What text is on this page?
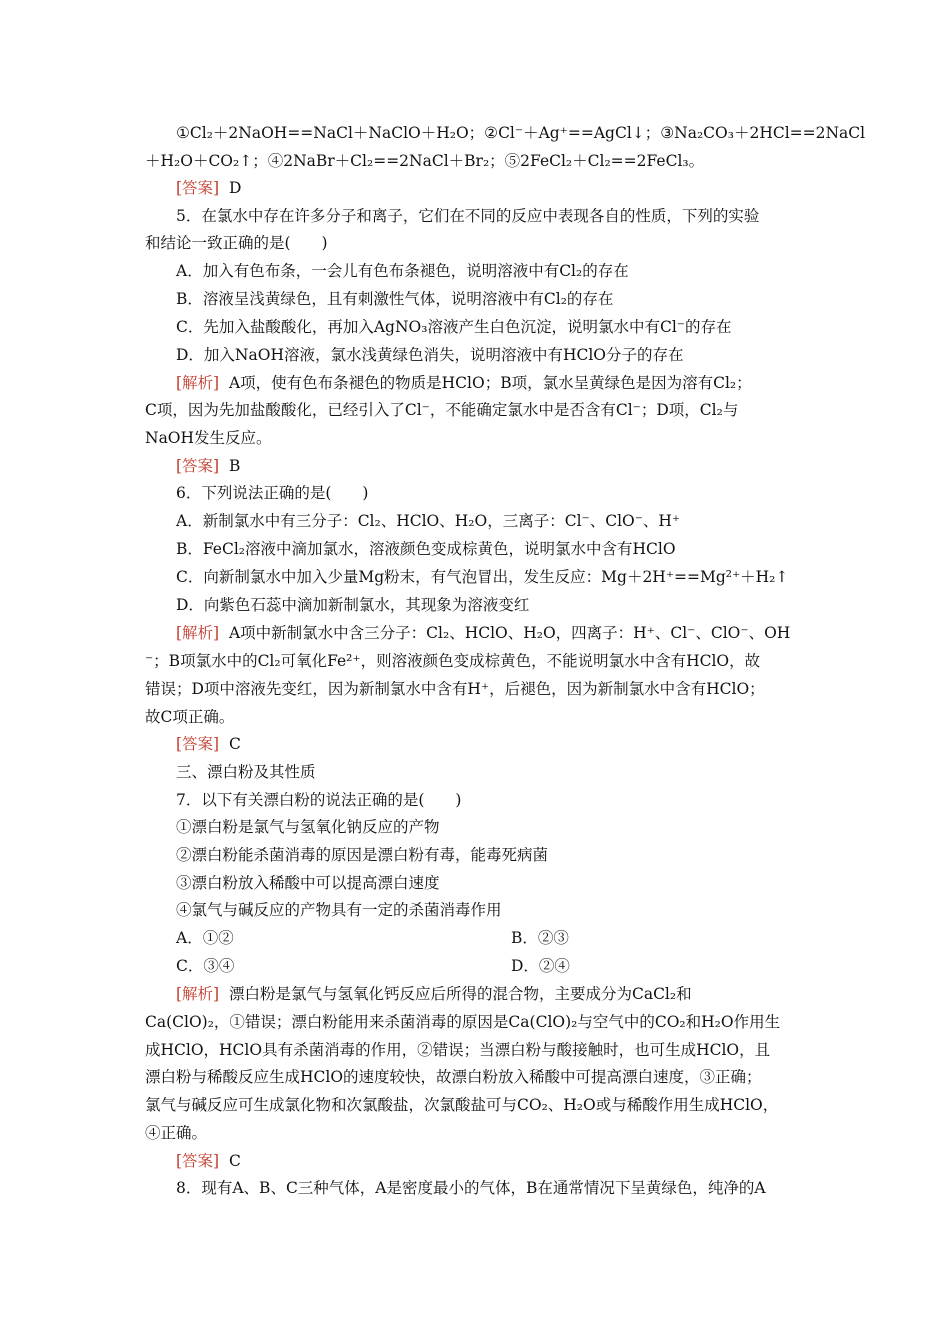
①Cl₂＋2NaOH==NaCl＋NaClO＋H₂O；②Cl⁻＋Ag⁺==AgCl↓；③Na₂CO₃＋2HCl==2NaCl
＋H₂O＋CO₂↑；④2NaBr＋Cl₂==2NaCl＋Br₂；⑤2FeCl₂＋Cl₂==2FeCl₃。
[答案] D
5．在氯水中存在许多分子和离子，它们在不同的反应中表现各自的性质，下列的实验
和结论一致正确的是(　　)
A．加入有色布条，一会儿有色布条褪色，说明溶液中有Cl₂的存在
B．溶液呈浅黄绿色，且有刺激性气体，说明溶液中有Cl₂的存在
C．先加入盐酸酸化，再加入AgNO₃溶液产生白色沉淀，说明氯水中有Cl⁻的存在
D．加入NaOH溶液，氯水浅黄绿色消失，说明溶液中有HClO分子的存在
[解析] A项，使有色布条褪色的物质是HClO；B项，氯水呈黄绿色是因为溶有Cl₂；
C项，因为先加盐酸酸化，已经引入了Cl⁻，不能确定氯水中是否含有Cl⁻；D项，Cl₂与
NaOH发生反应。
[答案] B
6．下列说法正确的是(　　)
A．新制氯水中有三分子：Cl₂、HClO、H₂O，三离子：Cl⁻、ClO⁻、H⁺
B．FeCl₂溶液中滴加氯水，溶液颜色变成棕黄色，说明氯水中含有HClO
C．向新制氯水中加入少量Mg粉末，有气泡冒出，发生反应：Mg＋2H⁺==Mg²⁺＋H₂↑
D．向紫色石蕊中滴加新制氯水，其现象为溶液变红
[解析] A项中新制氯水中含三分子：Cl₂、HClO、H₂O，四离子：H⁺、Cl⁻、ClO⁻、OH
⁻；B项氯水中的Cl₂可氧化Fe²⁺，则溶液颜色变成棕黄色，不能说明氯水中含有HClO，故
错误；D项中溶液先变红，因为新制氯水中含有H⁺，后褪色，因为新制氯水中含有HClO；
故C项正确。
[答案] C
三、漂白粉及其性质
7．以下有关漂白粉的说法正确的是(　　)
①漂白粉是氯气与氢氧化钠反应的产物
②漂白粉能杀菌消毒的原因是漂白粉有毒，能毒死病菌
③漂白粉放入稀酸中可以提高漂白速度
④氯气与碱反应的产物具有一定的杀菌消毒作用
A．①②	B．②③
C．③④	D．②④
[解析] 漂白粉是氯气与氢氧化钙反应后所得的混合物，主要成分为CaCl₂和
Ca(ClO)₂，①错误；漂白粉能用来杀菌消毒的原因是Ca(ClO)₂与空气中的CO₂和H₂O作用生
成HClO，HClO具有杀菌消毒的作用，②错误；当漂白粉与酸接触时，也可生成HClO，且
漂白粉与稀酸反应生成HClO的速度较快，故漂白粉放入稀酸中可提高漂白速度，③正确；
氯气与碱反应可生成氯化物和次氯酸盐，次氯酸盐可与CO₂、H₂O或与稀酸作用生成HClO，
④正确。
[答案] C
8．现有A、B、C三种气体，A是密度最小的气体，B在通常情况下呈黄绿色，纯净的A
